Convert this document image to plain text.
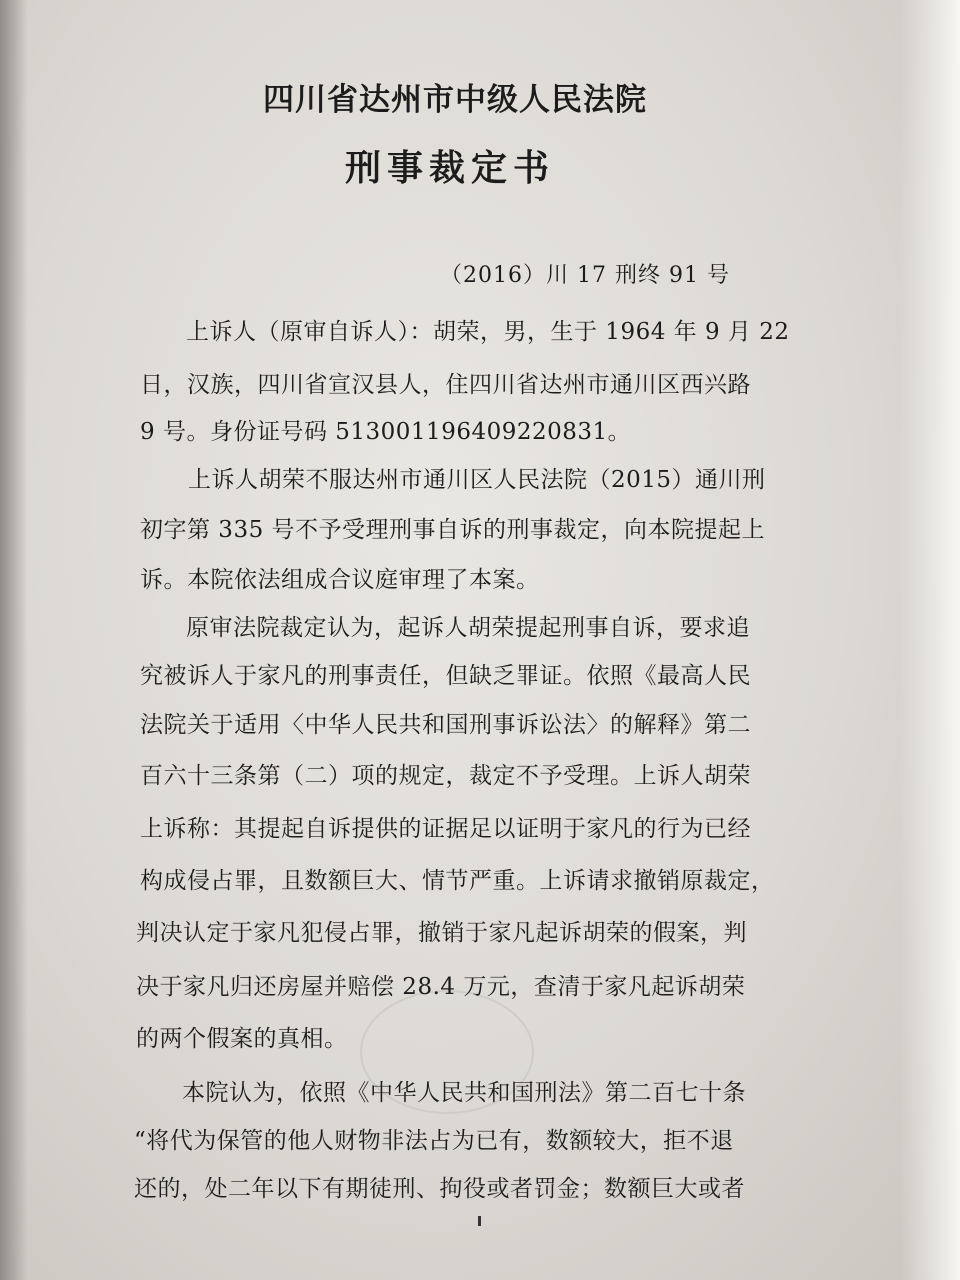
四川省达州市中级人民法院
刑事裁定书
（2016）川 17 刑终 91 号
上诉人（原审自诉人）：胡荣，男，生于 1964 年 9 月 22
日，汉族，四川省宣汉县人，住四川省达州市通川区西兴路
9 号。身份证号码 513001196409220831。
上诉人胡荣不服达州市通川区人民法院（2015）通川刑
初字第 335 号不予受理刑事自诉的刑事裁定，向本院提起上
诉。本院依法组成合议庭审理了本案。
原审法院裁定认为，起诉人胡荣提起刑事自诉，要求追
究被诉人于家凡的刑事责任，但缺乏罪证。依照《最高人民
法院关于适用〈中华人民共和国刑事诉讼法〉的解释》第二
百六十三条第（二）项的规定，裁定不予受理。上诉人胡荣
上诉称：其提起自诉提供的证据足以证明于家凡的行为已经
构成侵占罪，且数额巨大、情节严重。上诉请求撤销原裁定，
判决认定于家凡犯侵占罪，撤销于家凡起诉胡荣的假案，判
决于家凡归还房屋并赔偿 28.4 万元，查清于家凡起诉胡荣
的两个假案的真相。
本院认为，依照《中华人民共和国刑法》第二百七十条
“将代为保管的他人财物非法占为已有，数额较大，拒不退
还的，处二年以下有期徒刑、拘役或者罚金；数额巨大或者
